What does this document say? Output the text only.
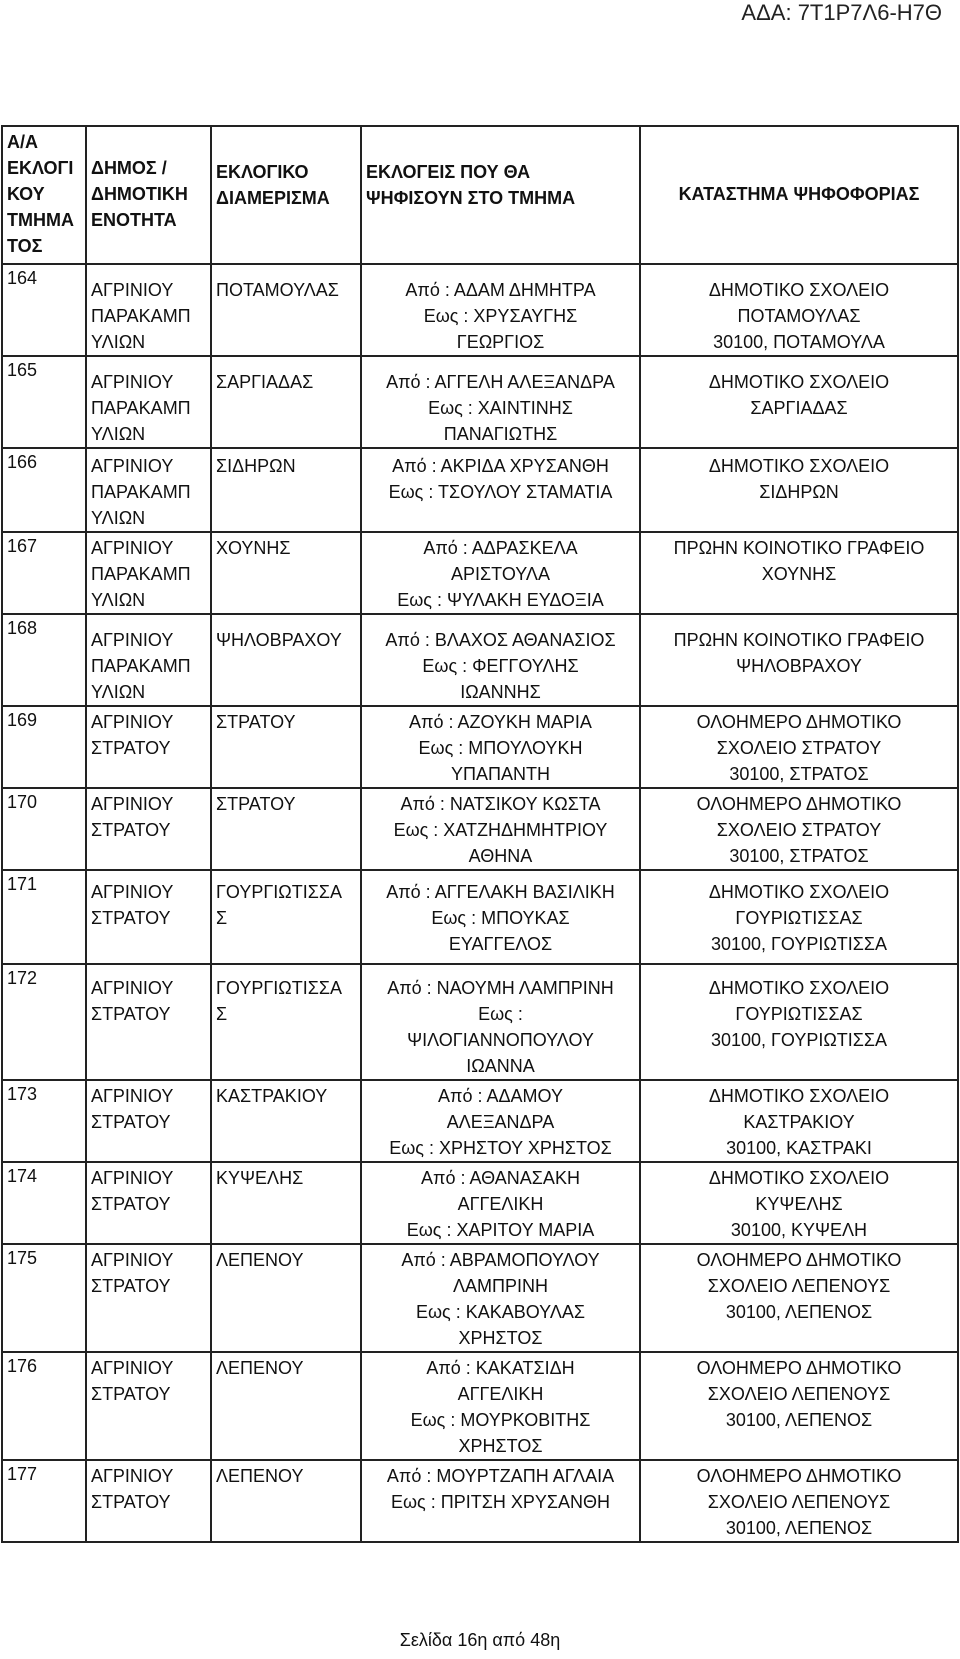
ΑΔΑ: 7Τ1Ρ7Λ6-Η7Θ
Α/Α
ΕΚΛΟΓΙ
ΚΟΥ
ΤΜΗΜΑ
ΤΟΣ	ΔΗΜΟΣ /
ΔΗΜΟΤΙΚΗ
ΕΝΟΤΗΤΑ	ΕΚΛΟΓΙΚΟ
ΔΙΑΜΕΡΙΣΜΑ	ΕΚΛΟΓΕΙΣ ΠΟΥ ΘΑ
ΨΗΦΙΣΟΥΝ ΣΤΟ ΤΜΗΜΑ	ΚΑΤΑΣΤΗΜΑ ΨΗΦΟΦΟΡΙΑΣ
164	ΑΓΡΙΝΙΟΥ
ΠΑΡΑΚΑΜΠ
ΥΛΙΩΝ	ΠΟΤΑΜΟΥΛΑΣ	Από : ΑΔΑΜ ΔΗΜΗΤΡΑ
Εως : ΧΡΥΣΑΥΓΗΣ
ΓΕΩΡΓΙΟΣ	ΔΗΜΟΤΙΚΟ ΣΧΟΛΕΙΟ
ΠΟΤΑΜΟΥΛΑΣ
30100, ΠΟΤΑΜΟΥΛΑ

165	ΑΓΡΙΝΙΟΥ
ΠΑΡΑΚΑΜΠ
ΥΛΙΩΝ	ΣΑΡΓΙΑΔΑΣ	Από : ΑΓΓΕΛΗ ΑΛΕΞΑΝΔΡΑ
Εως : ΧΑΙΝΤΙΝΗΣ
ΠΑΝΑΓΙΩΤΗΣ	ΔΗΜΟΤΙΚΟ ΣΧΟΛΕΙΟ
ΣΑΡΓΙΑΔΑΣ

166	ΑΓΡΙΝΙΟΥ
ΠΑΡΑΚΑΜΠ
ΥΛΙΩΝ	ΣΙΔΗΡΩΝ	Από : ΑΚΡΙΔΑ ΧΡΥΣΑΝΘΗ
Εως : ΤΣΟΥΛΟΥ ΣΤΑΜΑΤΙΑ	ΔΗΜΟΤΙΚΟ ΣΧΟΛΕΙΟ
ΣΙΔΗΡΩΝ

167	ΑΓΡΙΝΙΟΥ
ΠΑΡΑΚΑΜΠ
ΥΛΙΩΝ	ΧΟΥΝΗΣ	Από : ΑΔΡΑΣΚΕΛΑ
ΑΡΙΣΤΟΥΛΑ
Εως : ΨΥΛΑΚΗ ΕΥΔΟΞΙΑ	ΠΡΩΗΝ ΚΟΙΝΟΤΙΚΟ ΓΡΑΦΕΙΟ
ΧΟΥΝΗΣ

168	ΑΓΡΙΝΙΟΥ
ΠΑΡΑΚΑΜΠ
ΥΛΙΩΝ	ΨΗΛΟΒΡΑΧΟΥ	Από : ΒΛΑΧΟΣ ΑΘΑΝΑΣΙΟΣ
Εως : ΦΕΓΓΟΥΛΗΣ
ΙΩΑΝΝΗΣ	ΠΡΩΗΝ ΚΟΙΝΟΤΙΚΟ ΓΡΑΦΕΙΟ
ΨΗΛΟΒΡΑΧΟΥ

169	ΑΓΡΙΝΙΟΥ
ΣΤΡΑΤΟΥ	ΣΤΡΑΤΟΥ	Από : ΑΖΟΥΚΗ ΜΑΡΙΑ
Εως : ΜΠΟΥΛΟΥΚΗ
ΥΠΑΠΑΝΤΗ	ΟΛΟΗΜΕΡΟ ΔΗΜΟΤΙΚΟ
ΣΧΟΛΕΙΟ ΣΤΡΑΤΟΥ
30100, ΣΤΡΑΤΟΣ

170	ΑΓΡΙΝΙΟΥ
ΣΤΡΑΤΟΥ	ΣΤΡΑΤΟΥ	Από : ΝΑΤΣΙΚΟΥ ΚΩΣΤΑ
Εως : ΧΑΤΖΗΔΗΜΗΤΡΙΟΥ
ΑΘΗΝΑ	ΟΛΟΗΜΕΡΟ ΔΗΜΟΤΙΚΟ
ΣΧΟΛΕΙΟ ΣΤΡΑΤΟΥ
30100, ΣΤΡΑΤΟΣ

171	ΑΓΡΙΝΙΟΥ
ΣΤΡΑΤΟΥ	ΓΟΥΡΓΙΩΤΙΣΣΑ
Σ	Από : ΑΓΓΕΛΑΚΗ ΒΑΣΙΛΙΚΗ
Εως : ΜΠΟΥΚΑΣ
ΕΥΑΓΓΕΛΟΣ	ΔΗΜΟΤΙΚΟ ΣΧΟΛΕΙΟ
ΓΟΥΡΙΩΤΙΣΣΑΣ
30100, ΓΟΥΡΙΩΤΙΣΣΑ

172	ΑΓΡΙΝΙΟΥ
ΣΤΡΑΤΟΥ	ΓΟΥΡΓΙΩΤΙΣΣΑ
Σ	Από : ΝΑΟΥΜΗ ΛΑΜΠΡΙΝΗ
Εως :
ΨΙΛΟΓΙΑΝΝΟΠΟΥΛΟΥ
ΙΩΑΝΝΑ	ΔΗΜΟΤΙΚΟ ΣΧΟΛΕΙΟ
ΓΟΥΡΙΩΤΙΣΣΑΣ
30100, ΓΟΥΡΙΩΤΙΣΣΑ

173	ΑΓΡΙΝΙΟΥ
ΣΤΡΑΤΟΥ	ΚΑΣΤΡΑΚΙΟΥ	Από : ΑΔΑΜΟΥ
ΑΛΕΞΑΝΔΡΑ
Εως : ΧΡΗΣΤΟΥ ΧΡΗΣΤΟΣ	ΔΗΜΟΤΙΚΟ ΣΧΟΛΕΙΟ
ΚΑΣΤΡΑΚΙΟΥ
30100, ΚΑΣΤΡΑΚΙ

174	ΑΓΡΙΝΙΟΥ
ΣΤΡΑΤΟΥ	ΚΥΨΕΛΗΣ	Από : ΑΘΑΝΑΣΑΚΗ
ΑΓΓΕΛΙΚΗ
Εως : ΧΑΡΙΤΟΥ ΜΑΡΙΑ	ΔΗΜΟΤΙΚΟ ΣΧΟΛΕΙΟ
ΚΥΨΕΛΗΣ
30100, ΚΥΨΕΛΗ

175	ΑΓΡΙΝΙΟΥ
ΣΤΡΑΤΟΥ	ΛΕΠΕΝΟΥ	Από : ΑΒΡΑΜΟΠΟΥΛΟΥ
ΛΑΜΠΡΙΝΗ
Εως : ΚΑΚΑΒΟΥΛΑΣ
ΧΡΗΣΤΟΣ	ΟΛΟΗΜΕΡΟ ΔΗΜΟΤΙΚΟ
ΣΧΟΛΕΙΟ ΛΕΠΕΝΟΥΣ
30100, ΛΕΠΕΝΟΣ

176	ΑΓΡΙΝΙΟΥ
ΣΤΡΑΤΟΥ	ΛΕΠΕΝΟΥ	Από : ΚΑΚΑΤΣΙΔΗ
ΑΓΓΕΛΙΚΗ
Εως : ΜΟΥΡΚΟΒΙΤΗΣ
ΧΡΗΣΤΟΣ	ΟΛΟΗΜΕΡΟ ΔΗΜΟΤΙΚΟ
ΣΧΟΛΕΙΟ ΛΕΠΕΝΟΥΣ
30100, ΛΕΠΕΝΟΣ

177	ΑΓΡΙΝΙΟΥ
ΣΤΡΑΤΟΥ	ΛΕΠΕΝΟΥ	Από : ΜΟΥΡΤΖΑΠΗ ΑΓΛΑΙΑ
Εως : ΠΡΙΤΣΗ ΧΡΥΣΑΝΘΗ	ΟΛΟΗΜΕΡΟ ΔΗΜΟΤΙΚΟ
ΣΧΟΛΕΙΟ ΛΕΠΕΝΟΥΣ
30100, ΛΕΠΕΝΟΣ
Σελίδα 16η από 48η
